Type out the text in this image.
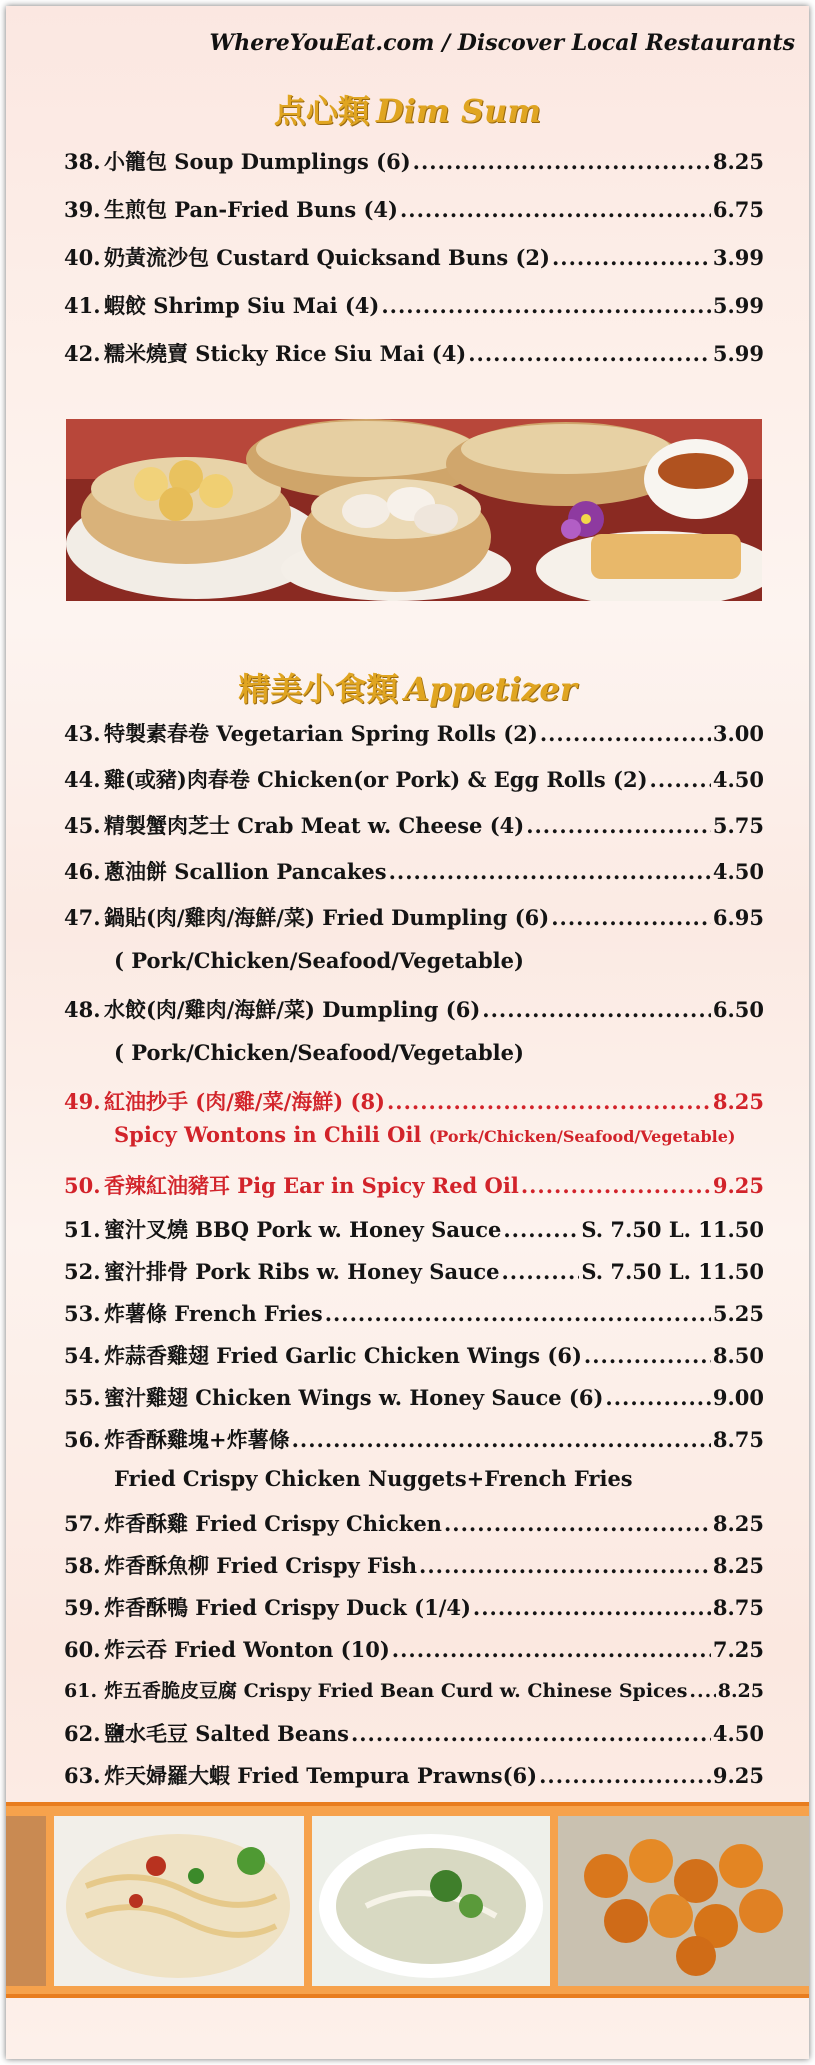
WhereYouEat.com / Discover Local Restaurants
点心類 Dim Sum
38. 小籠包 Soup Dumplings (6) .....	8.25
39. 生煎包 Pan-Fried Buns (4) .....	6.75
40. 奶黃流沙包 Custard Quicksand Buns (2) .....	3.99
41. 蝦餃 Shrimp Siu Mai (4) .....	5.99
42. 糯米燒賣 Sticky Rice Siu Mai (4) .....	5.99
精美小食類 Appetizer
43. 特製素春卷 Vegetarian Spring Rolls (2) .....	3.00
44. 雞(或豬)肉春卷 Chicken(or Pork) & Egg Rolls (2) .....	4.50
45. 精製蟹肉芝士 Crab Meat w. Cheese (4) .....	5.75
46. 蔥油餅 Scallion Pancakes .....	4.50
47. 鍋貼(肉/雞肉/海鮮/菜) Fried Dumpling (6) .....	6.95
( Pork/Chicken/Seafood/Vegetable)
48. 水餃(肉/雞肉/海鮮/菜) Dumpling (6) .....	6.50
( Pork/Chicken/Seafood/Vegetable)
49. 紅油抄手 (肉/雞/菜/海鮮) (8) .....	8.25
Spicy Wontons in Chili Oil (Pork/Chicken/Seafood/Vegetable)
50. 香辣紅油豬耳 Pig Ear in Spicy Red Oil .....	9.25
51. 蜜汁叉燒 BBQ Pork w. Honey Sauce .....	S. 7.50 L. 11.50
52. 蜜汁排骨 Pork Ribs w. Honey Sauce .....	S. 7.50 L. 11.50
53. 炸薯條 French Fries .....	5.25
54. 炸蒜香雞翅 Fried Garlic Chicken Wings (6) .....	8.50
55. 蜜汁雞翅 Chicken Wings w. Honey Sauce (6) .....	9.00
56. 炸香酥雞塊+炸薯條 .....	8.75
Fried Crispy Chicken Nuggets+French Fries
57. 炸香酥雞 Fried Crispy Chicken .....	8.25
58. 炸香酥魚柳 Fried Crispy Fish .....	8.25
59. 炸香酥鴨 Fried Crispy Duck (1/4) .....	8.75
60. 炸云吞 Fried Wonton (10) .....	7.25
61. 炸五香脆皮豆腐 Crispy Fried Bean Curd w. Chinese Spices ..... 8.25
62. 鹽水毛豆 Salted Beans .....	4.50
63. 炸天婦羅大蝦 Fried Tempura Prawns(6) .....	9.25
